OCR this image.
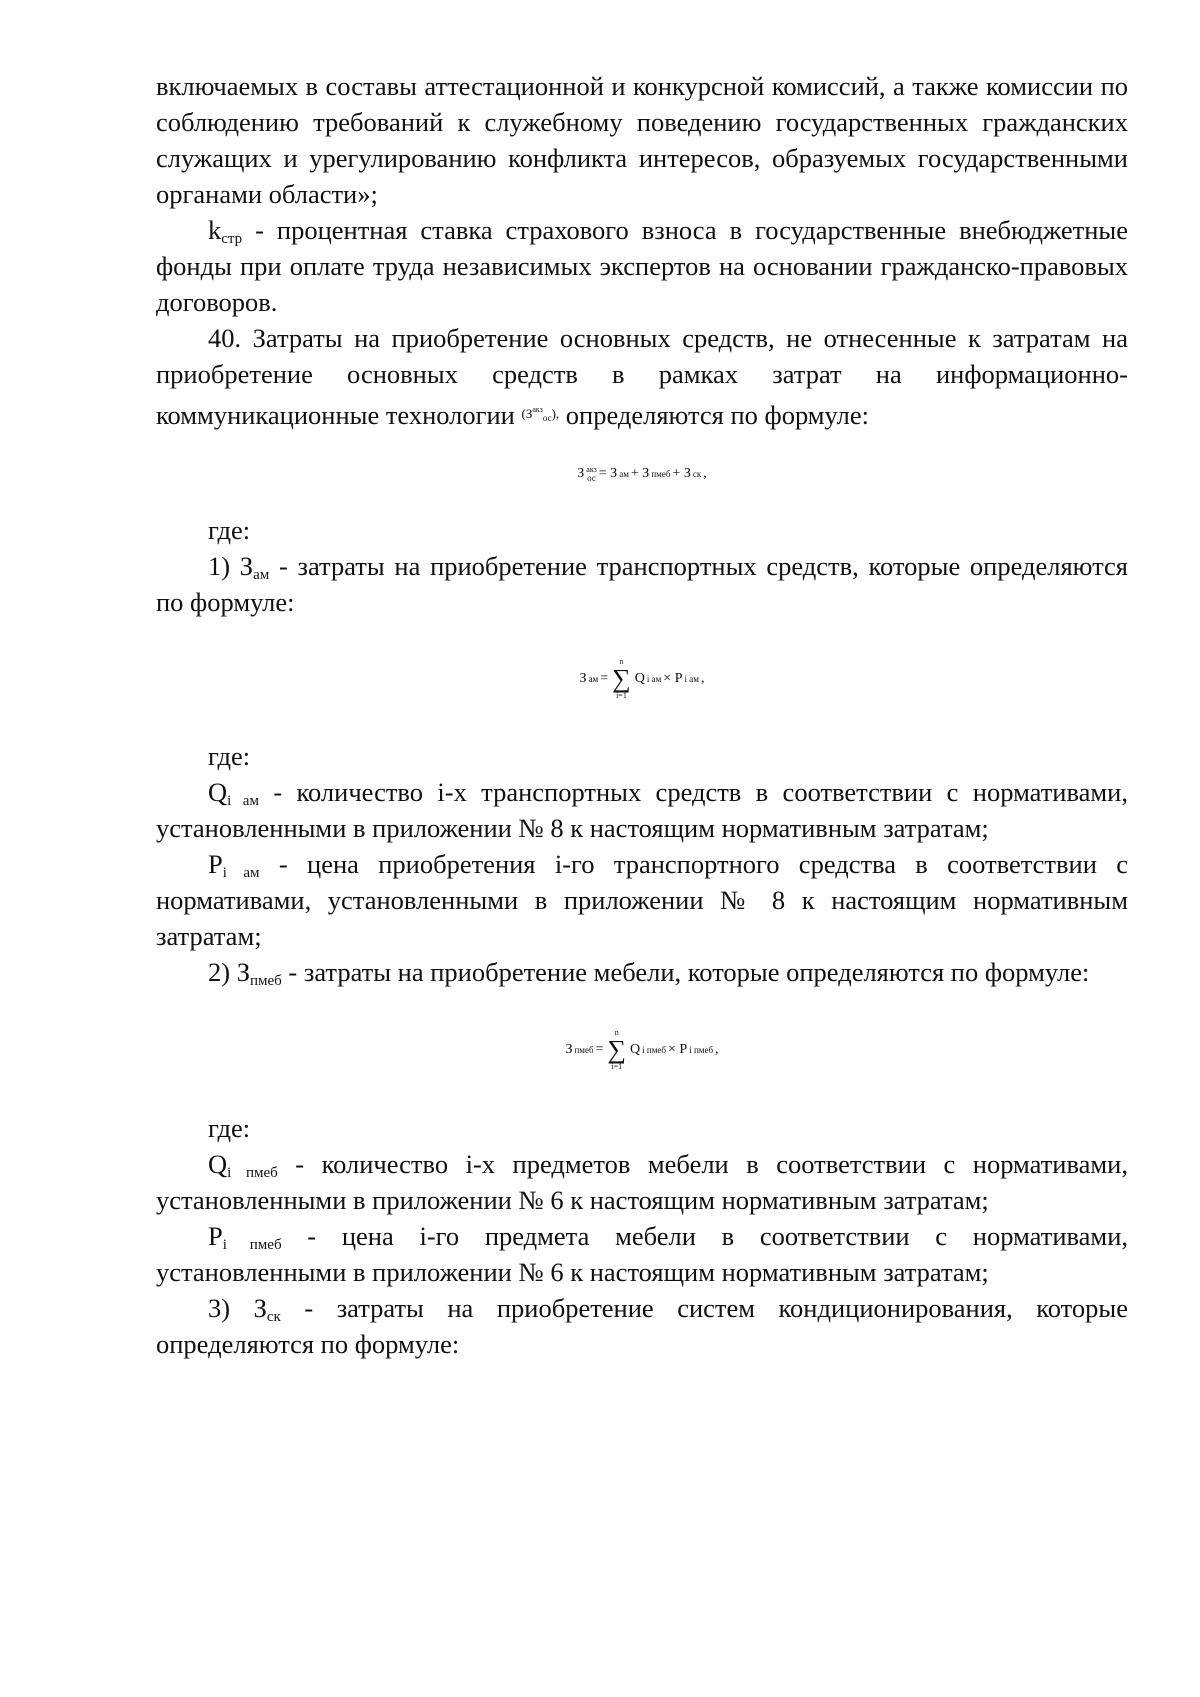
включаемых в составы аттестационной и конкурсной комиссий, а также комиссии по соблюдению требований к служебному поведению государственных гражданских служащих и урегулированию конфликта интересов, образуемых государственными органами области»;

$k_{стр}$ - процентная ставка страхового взноса в государственные внебюджетные фонды при оплате труда независимых экспертов на основании гражданско-правовых договоров.

40. Затраты на приобретение основных средств, не отнесенные к затратам на приобретение основных средств в рамках затрат на информационно-коммуникационные технологии $^{(З^{акз}_{ос}),}$ определяются по формуле:

З акз
ос = З ам + З пмеб + З ск ,

где:

1) $З_{ам}$ - затраты на приобретение транспортных средств, которые определяются по формуле:

З ам =
n
∑
i=1
Q i ам × P i ам ,

где:

$Q_{i ам}$ - количество i-х транспортных средств в соответствии с нормативами, установленными в приложении № 8 к настоящим нормативным затратам;

$P_{i ам}$ - цена приобретения i-го транспортного средства в соответствии с нормативами, установленными в приложении № 8 к настоящим нормативным затратам;

2) $З_{пмеб}$ - затраты на приобретение мебели, которые определяются по формуле:

З пмеб =
n
∑
i=1
Q i пмеб × P i пмеб ,

где:

$Q_{i пмеб}$ - количество i-х предметов мебели в соответствии с нормативами, установленными в приложении № 6 к настоящим нормативным затратам;

$P_{i пмеб}$ - цена i-го предмета мебели в соответствии с нормативами, установленными в приложении № 6 к настоящим нормативным затратам;

3) $З_{ск}$ - затраты на приобретение систем кондиционирования, которые определяются по формуле:
